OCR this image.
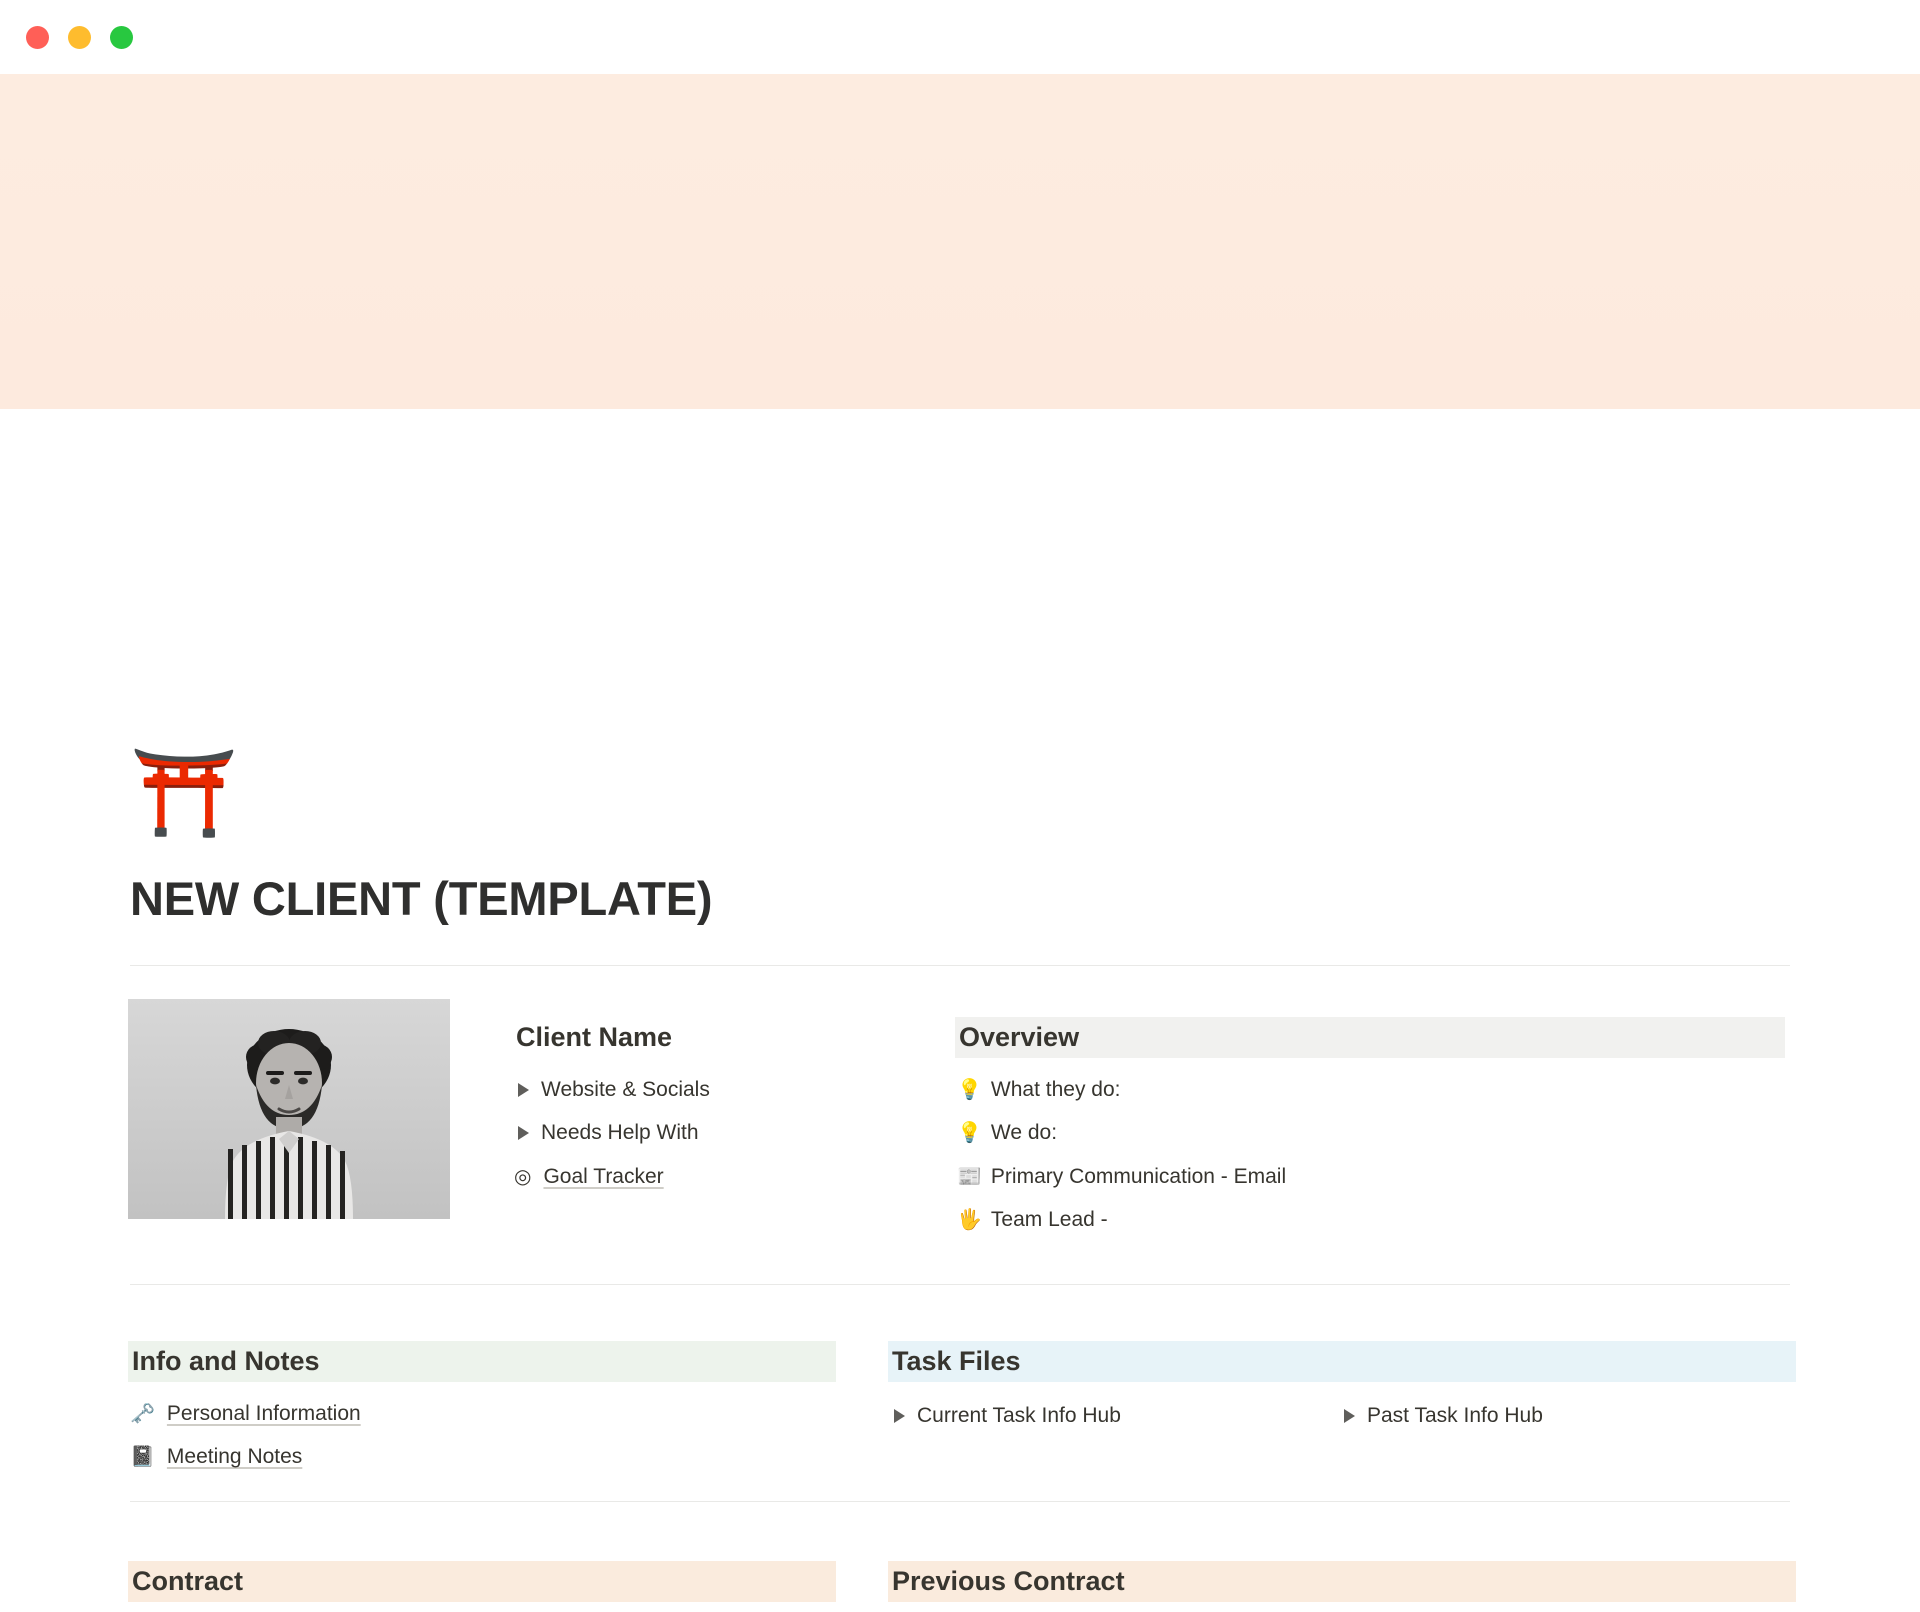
⛩️
NEW CLIENT (TEMPLATE)
Client Name
Website & Socials
Needs Help With
◎ Goal Tracker
Overview
💡 What they do:
💡 We do:
📰 Primary Communication - Email
🖐 Team Lead -
Info and Notes
🗝️ Personal Information
📓 Meeting Notes
Task Files
Current Task Info Hub	Past Task Info Hub
Contract	Previous Contract
